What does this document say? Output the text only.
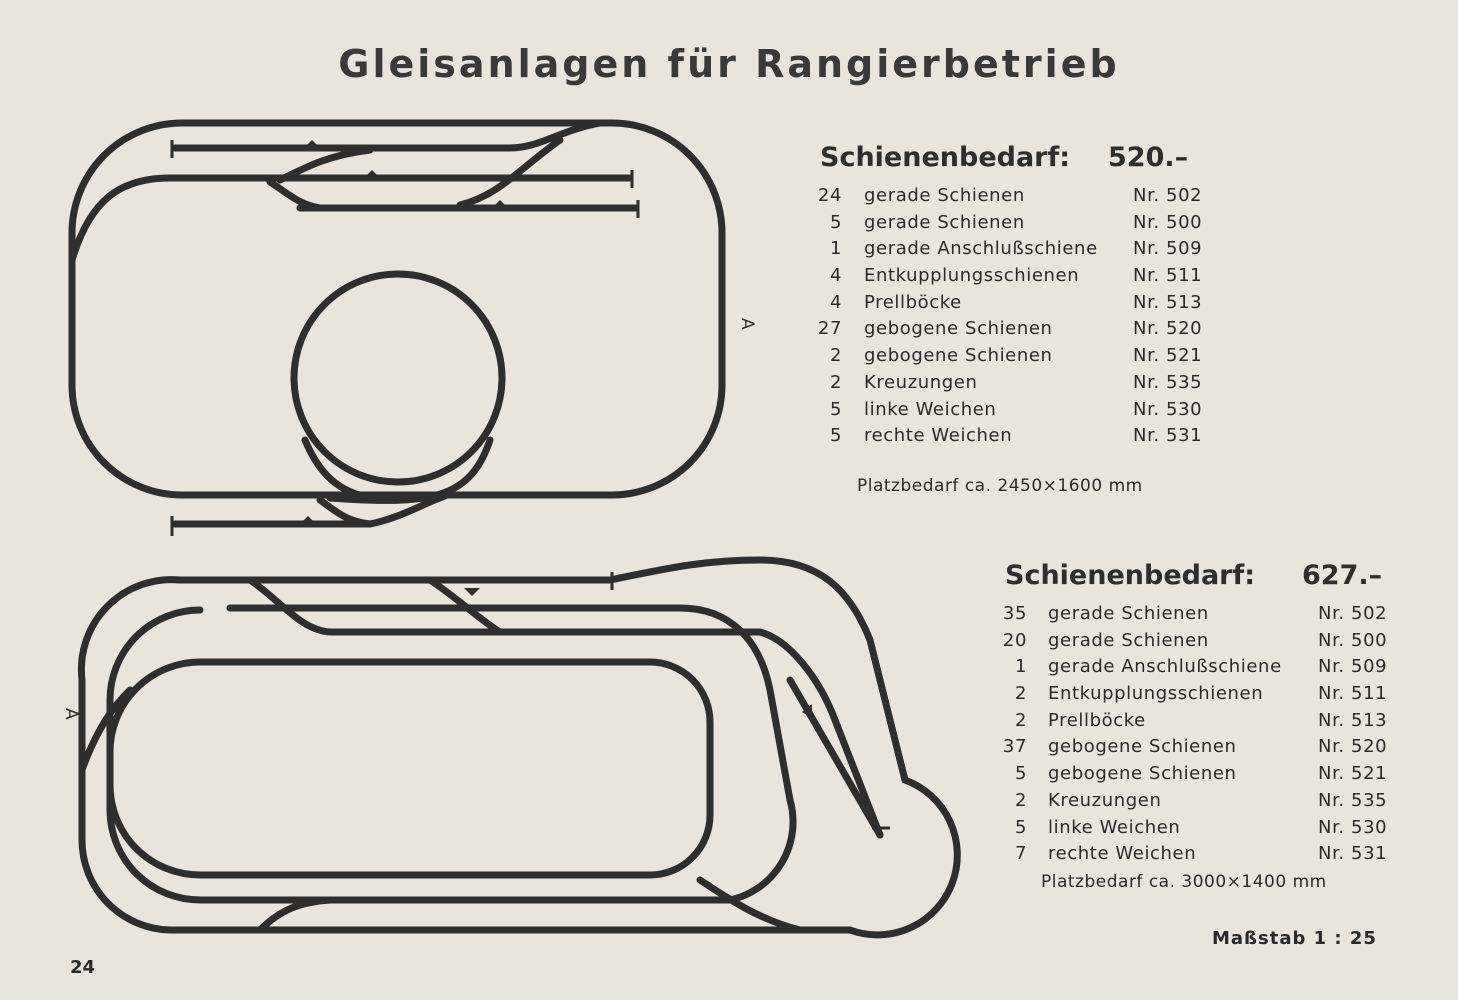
Gleisanlagen für Rangierbetrieb
A
A
Schienenbedarf: 520.–
24 gerade Schienen	Nr. 502
5 gerade Schienen	Nr. 500
1 gerade Anschlußschiene Nr. 509
4 Entkupplungsschienen	Nr. 511
4 Prellböcke	Nr. 513
27 gebogene Schienen	Nr. 520
2 gebogene Schienen	Nr. 521
2 Kreuzungen	Nr. 535
5 linke Weichen	Nr. 530
5 rechte Weichen	Nr. 531
Platzbedarf ca. 2450×1600 mm
Schienenbedarf: 627.–
35 gerade Schienen	Nr. 502
20 gerade Schienen	Nr. 500
1 gerade Anschlußschiene Nr. 509
2 Entkupplungsschienen	Nr. 511
2 Prellböcke	Nr. 513
37 gebogene Schienen	Nr. 520
5 gebogene Schienen	Nr. 521
2 Kreuzungen	Nr. 535
5 linke Weichen	Nr. 530
7 rechte Weichen	Nr. 531
Platzbedarf ca. 3000×1400 mm
Maßstab 1 : 25
24
